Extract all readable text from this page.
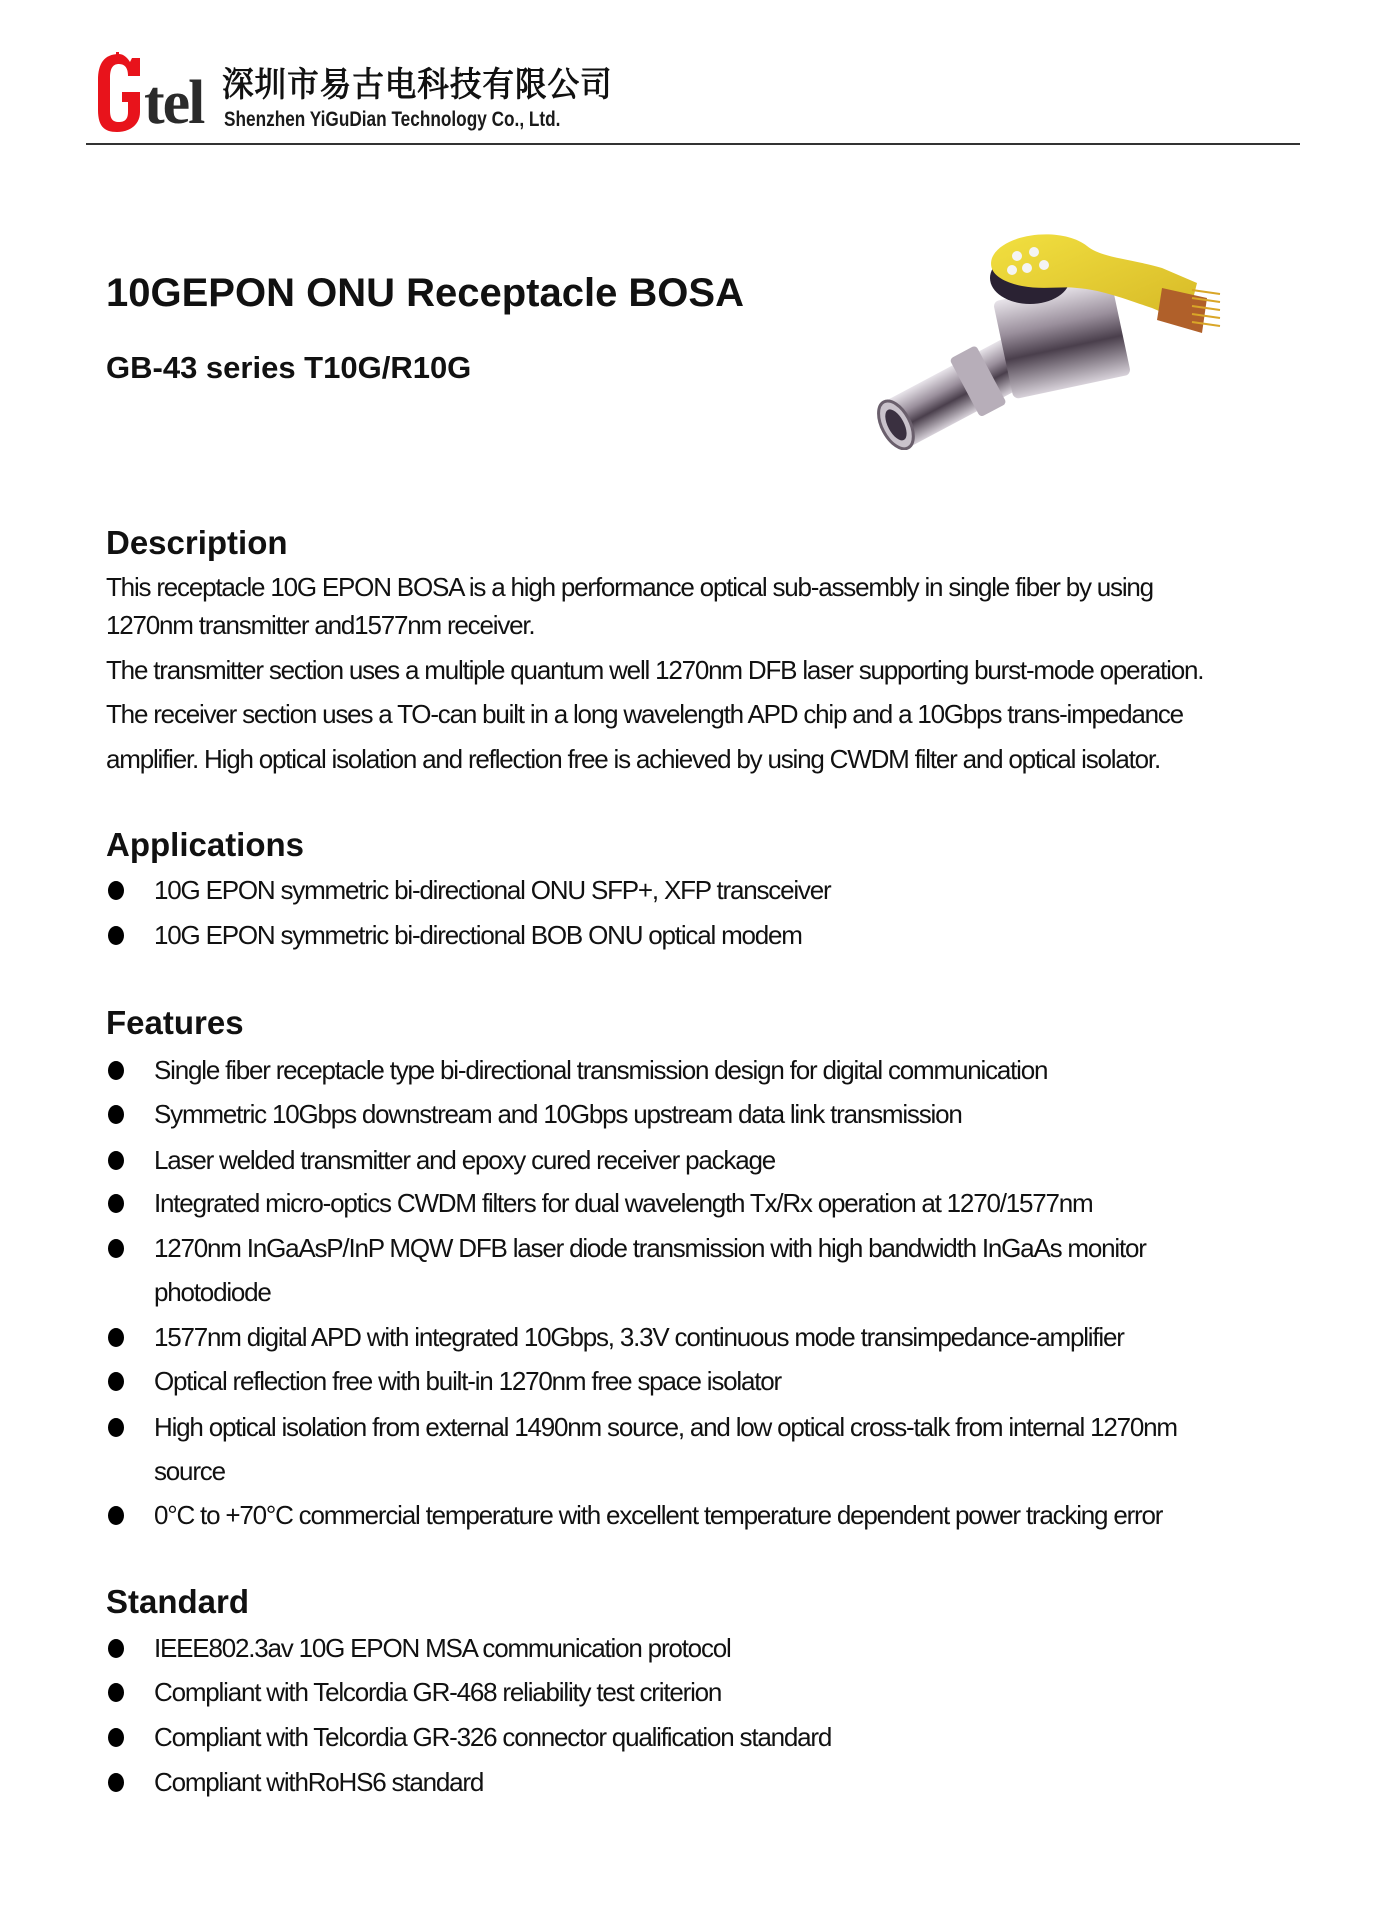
tel 深圳市易古电科技有限公司
Shenzhen YiGuDian Technology Co., Ltd.
10GEPON ONU Receptacle BOSA
GB-43 series T10G/R10G
Description

This receptacle 10G EPON BOSA is a high performance optical sub-assembly in single fiber by using

1270nm transmitter and1577nm receiver.

The transmitter section uses a multiple quantum well 1270nm DFB laser supporting burst-mode operation.

The receiver section uses a TO-can built in a long wavelength APD chip and a 10Gbps trans-impedance

amplifier. High optical isolation and reflection free is achieved by using CWDM filter and optical isolator.

Applications

10G EPON symmetric bi-directional ONU SFP+, XFP transceiver

10G EPON symmetric bi-directional BOB ONU optical modem

Features

Single fiber receptacle type bi-directional transmission design for digital communication

Symmetric 10Gbps downstream and 10Gbps upstream data link transmission

Laser welded transmitter and epoxy cured receiver package

Integrated micro-optics CWDM filters for dual wavelength Tx/Rx operation at 1270/1577nm

1270nm InGaAsP/InP MQW DFB laser diode transmission with high bandwidth InGaAs monitor

photodiode

1577nm digital APD with integrated 10Gbps, 3.3V continuous mode transimpedance-amplifier

Optical reflection free with built-in 1270nm free space isolator

High optical isolation from external 1490nm source, and low optical cross-talk from internal 1270nm

source

0°C to +70°C commercial temperature with excellent temperature dependent power tracking error

Standard

IEEE802.3av 10G EPON MSA communication protocol

Compliant with Telcordia GR-468 reliability test criterion

Compliant with Telcordia GR-326 connector qualification standard

Compliant withRoHS6 standard
